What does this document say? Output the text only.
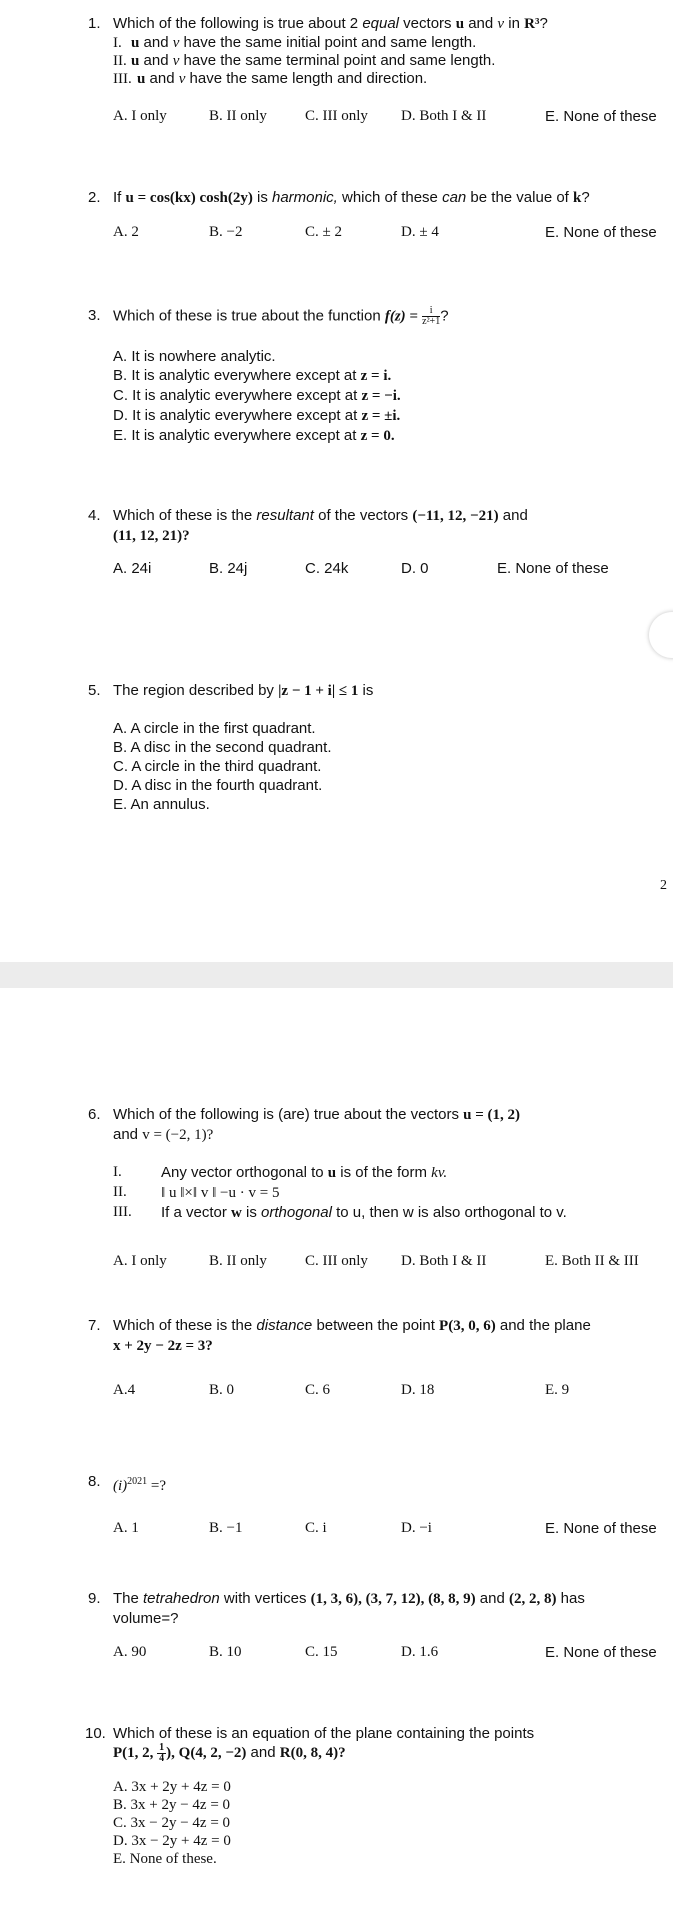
1. Which of the following is true about 2 equal vectors u and v in R³?
I. u and v have the same initial point and same length.
II. u and v have the same terminal point and same length.
III. u and v have the same length and direction.
A. I only	B. II only	C. III only D. Both I & II	E. None of these
2. If u = cos(kx) cosh(2y) is harmonic, which of these can be the value of k?
A. 2	B. −2	C. ± 2	D. ± 4	E. None of these
3. Which of these is true about the function $f(z) = \frac{i}{\text{z²+1}}$ ?
A. It is nowhere analytic.
B. It is analytic everywhere except at z = i.
C. It is analytic everywhere except at z = −i.
D. It is analytic everywhere except at z = ±i.
E. It is analytic everywhere except at z = 0.
4. Which of these is the resultant of the vectors (−11, 12, −21) and
(11, 12, 21)?
A. 24i	B. 24j	C. 24k	D. 0	E. None of these
5. The region described by |z − 1 + i| ≤ 1 is
A. A circle in the first quadrant.
B. A disc in the second quadrant.
C. A circle in the third quadrant.
D. A disc in the fourth quadrant.
E. An annulus.
2
6. Which of the following is (are) true about the vectors u = (1, 2)
and v = (−2, 1)?
I.	Any vector orthogonal to u is of the form kv.
II. ‖ u ‖×‖ v ‖ −u · v = 5
III. If a vector w is orthogonal to u, then w is also orthogonal to v.
A. I only	B. II only	C. III only D. Both I & II	E. Both II & III
7. Which of these is the distance between the point P(3, 0, 6) and the plane
x + 2y − 2z = 3?
A.4	B. 0	C. 6	D. 18	E. 9
8. $(i)^{2021}$ =?
A. 1	B. −1	C. i	D. −i	E. None of these
9. The tetrahedron with vertices (1, 3, 6), (3, 7, 12), (8, 8, 9) and (2, 2, 8) has
volume=?
A. 90	B. 10	C. 15	D. 1.6	E. None of these
10. Which of these is an equation of the plane containing the points
P(1, 2, $\frac{1}{4}$ ), Q(4, 2, −2) and R(0, 8, 4)?
A. 3x + 2y + 4z = 0
B. 3x + 2y − 4z = 0
C. 3x − 2y − 4z = 0
D. 3x − 2y + 4z = 0
E. None of these.
